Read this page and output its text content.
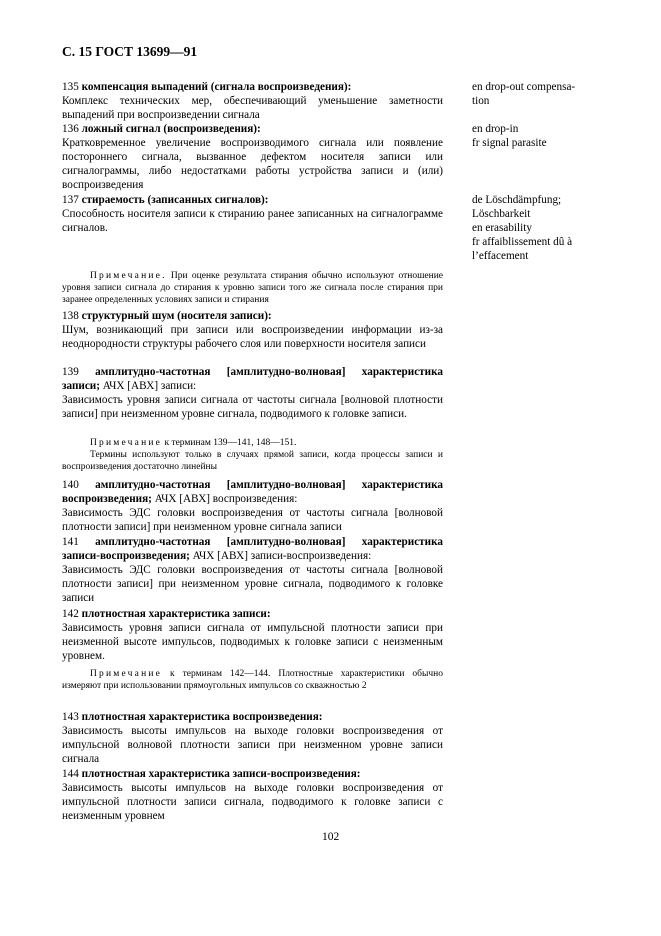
С. 15 ГОСТ 13699—91
135 компенсация выпадений (сигнала воспроизведения):
Комплекс технических мер, обеспечивающий уменьшение заметности выпадений при воспроизведении сигнала
en drop-out compensa-
tion
136 ложный сигнал (воспроизведения):
Кратковременное увеличение воспроизводимого сигнала или появление постороннего сигнала, вызванное дефектом носителя записи или сигналограммы, либо недостатками работы устройства записи и (или) воспроизведения
en drop-in
fr signal parasite
137 стираемость (записанных сигналов):
Способность носителя записи к стиранию ранее записанных на сигналограмме сигналов.
de Löschdämpfung;
Löschbarkeit
en erasability
fr affaiblissement dû à
l’effacement
Примечание. При оценке результата стирания обычно используют отношение уровня записи сигнала до стирания к уровню записи того же сигнала после стирания при заранее определенных условиях записи и стирания
138 структурный шум (носителя записи):
Шум, возникающий при записи или воспроизведении информации из-за неоднородности структуры рабочего слоя или поверхности носителя записи
139 амплитудно-частотная [амплитудно-волновая] характеристика записи; АЧХ [АВХ] записи:
Зависимость уровня записи сигнала от частоты сигнала [волновой плотности записи] при неизменном уровне сигнала, подводимого к головке записи.
Примечание к терминам 139—141, 148—151.
Термины используют только в случаях прямой записи, когда процессы записи и воспроизведения достаточно линейны
140 амплитудно-частотная [амплитудно-волновая] характеристика воспроизведения; АЧХ [АВХ] воспроизведения:
Зависимость ЭДС головки воспроизведения от частоты сигнала [волновой плотности записи] при неизменном уровне сигнала записи
141 амплитудно-частотная [амплитудно-волновая] характеристика записи-воспроизведения; АЧХ [АВХ] записи-воспроизведения:
Зависимость ЭДС головки воспроизведения от частоты сигнала [волновой плотности записи] при неизменном уровне сигнала, подводимого к головке записи
142 плотностная характеристика записи:
Зависимость уровня записи сигнала от импульсной плотности записи при неизменной высоте импульсов, подводимых к головке записи с неизменным уровнем.
Примечание к терминам 142—144. Плотностные характеристики обычно измеряют при использовании прямоугольных импульсов со скважностью 2
143 плотностная характеристика воспроизведения:
Зависимость высоты импульсов на выходе головки воспроизведения от импульсной волновой плотности записи при неизменном уровне записи сигнала
144 плотностная характеристика записи-воспроизведения:
Зависимость высоты импульсов на выходе головки воспроизведения от импульсной плотности записи сигнала, подводимого к головке записи с неизменным уровнем
102
